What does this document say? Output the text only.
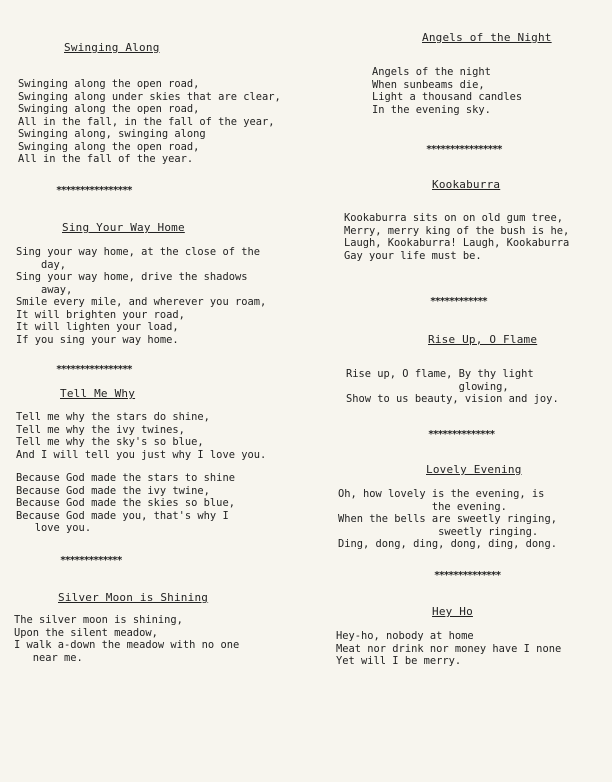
Swinging Along
Swinging along the open road,
Swinging along under skies that are clear,
Swinging along the open road,
All in the fall, in the fall of the year,
Swinging along, swinging along
Swinging along the open road,
All in the fall of the year.
****************
Sing Your Way Home
Sing your way home, at the close of the
day,
Sing your way home, drive the shadows
away,
Smile every mile, and wherever you roam,
It will brighten your road,
It will lighten your load,
If you sing your way home.
****************
Tell Me Why
Tell me why the stars do shine,
Tell me why the ivy twines,
Tell me why the sky's so blue,
And I will tell you just why I love you.
Because God made the stars to shine
Because God made the ivy twine,
Because God made the skies so blue,
Because God made you, that's why I
love you.
*************
Silver Moon is Shining
The silver moon is shining,
Upon the silent meadow,
I walk a-down the meadow with no one
near me.
Angels of the Night
Angels of the night
When sunbeams die,
Light a thousand candles
In the evening sky.
****************
Kookaburra
Kookaburra sits on on old gum tree,
Merry, merry king of the bush is he,
Laugh, Kookaburra! Laugh, Kookaburra
Gay your life must be.
************
Rise Up, O Flame
Rise up, O flame, By thy light
glowing,
Show to us beauty, vision and joy.
**************
Lovely Evening
Oh, how lovely is the evening, is
the evening.
When the bells are sweetly ringing,
sweetly ringing.
Ding, dong, ding, dong, ding, dong.
**************
Hey Ho
Hey-ho, nobody at home
Meat nor drink nor money have I none
Yet will I be merry.
